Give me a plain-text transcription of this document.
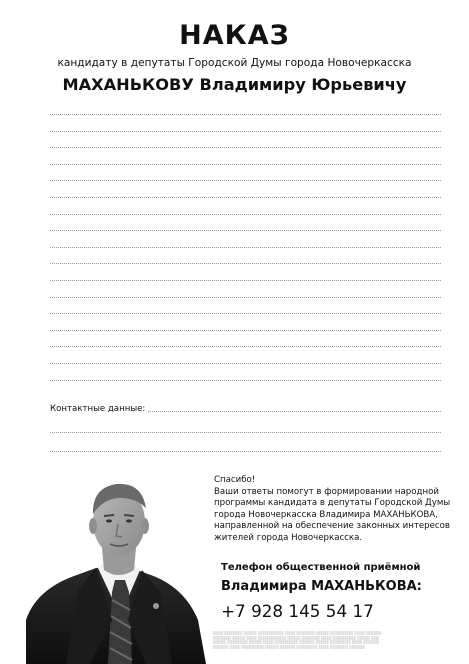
НАКАЗ
кандидату в депутаты Городской Думы города Новочеркасска
МАХАНЬКОВУ Владимиру Юрьевичу
Контактные данные:
Спасибо!
Ваши ответы помогут в формировании народной программы кандидата в депутаты Городской Думы города Новочеркасска Владимира МАХАНЬКОВА, направленной на обеспечение законных интересов жителей города Новочеркасска.
Телефон общественной приёмной
Владимира МАХАНЬКОВА:
+7 928 145 54 17
░░░░ ░░░░░░░ ░░░░░ ░░░░░░░░░░ ░░░░ ░░░░░░░ ░░░░░ ░░░░░░░░░ ░░░░ ░░░░░░
░░░░░░░ ░░░░░ ░░░░ ░░░░░░░░░░░ ░░░░░ ░░░░░░░ ░░░░ ░░░░░░░░░ ░░░░░ ░░░
░░░░░ ░░░░░░░░ ░░░░░ ░░░░ ░░░░░░░░░ ░░░░░░ ░░░░░ ░░░░░░░░ ░░░░ ░░░░░░
░░░░░░ ░░░░ ░░░░░░░░░ ░░░░░ ░░░░░░ ░░░░░░░░ ░░░░ ░░░░░░░ ░░░░░░
